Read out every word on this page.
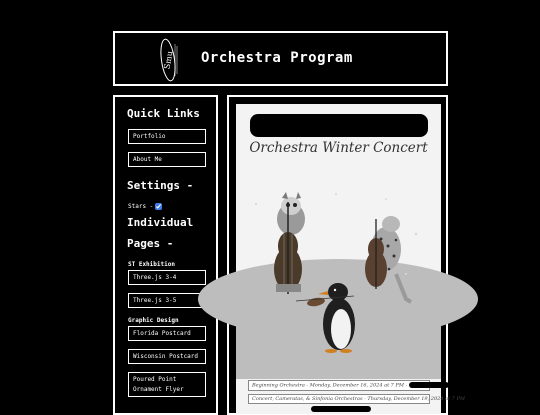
Smu Orchestra Program
Quick Links
Portfolio
About Me
Settings -
Stars -
Individual
Pages -
ST Exhibition
Three.js 3-4
Three.js 3-5
Graphic Design
Florida Postcard
Wisconsin Postcard
Poured Point
Ornament Flyer
Orchestra Winter Concert
Beginning Orchestra - Monday, December 16, 2024 at 7 PM -
Concert, Cameratas, & Sinfonia Orchestras - Thursday, December 19, 2024 at 7 PM
